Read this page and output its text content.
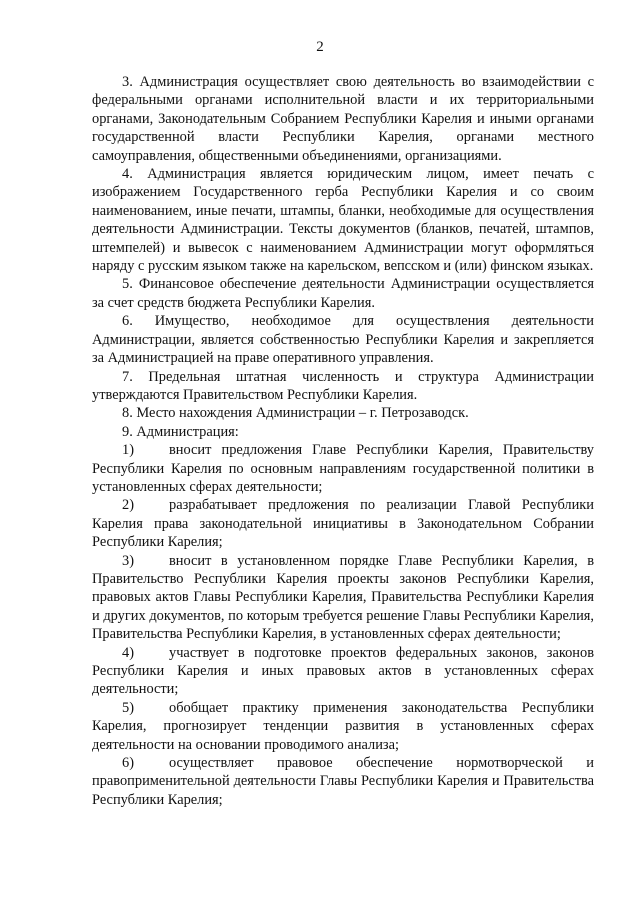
2

3. Администрация осуществляет свою деятельность во взаимодействии с федеральными органами исполнительной власти и их территориальными органами, Законодательным Собранием Республики Карелия и иными органами государственной власти Республики Карелия, органами местного самоуправления, общественными объединениями, организациями.

4. Администрация является юридическим лицом, имеет печать с изображением Государственного герба Республики Карелия и со своим наименованием, иные печати, штампы, бланки, необходимые для осуществления деятельности Администрации. Тексты документов (бланков, печатей, штампов, штемпелей) и вывесок с наименованием Администрации могут оформляться наряду с русским языком также на карельском, вепсском и (или) финском языках.

5. Финансовое обеспечение деятельности Администрации осуществляется за счет средств бюджета Республики Карелия.

6. Имущество, необходимое для осуществления деятельности Администрации, является собственностью Республики Карелия и закрепляется за Администрацией на праве оперативного управления.

7. Предельная штатная численность и структура Администрации утверждаются Правительством Республики Карелия.

8. Место нахождения Администрации – г. Петрозаводск.

9. Администрация:

1) вносит предложения Главе Республики Карелия, Правительству Республики Карелия по основным направлениям государственной политики в установленных сферах деятельности;

2) разрабатывает предложения по реализации Главой Республики Карелия права законодательной инициативы в Законодательном Собрании Республики Карелия;

3) вносит в установленном порядке Главе Республики Карелия, в Правительство Республики Карелия проекты законов Республики Карелия, правовых актов Главы Республики Карелия, Правительства Республики Карелия и других документов, по которым требуется решение Главы Республики Карелия, Правительства Республики Карелия, в установленных сферах деятельности;

4) участвует в подготовке проектов федеральных законов, законов Республики Карелия и иных правовых актов в установленных сферах деятельности;

5) обобщает практику применения законодательства Республики Карелия, прогнозирует тенденции развития в установленных сферах деятельности на основании проводимого анализа;

6) осуществляет правовое обеспечение нормотворческой и правоприменительной деятельности Главы Республики Карелия и Правительства Республики Карелия;
